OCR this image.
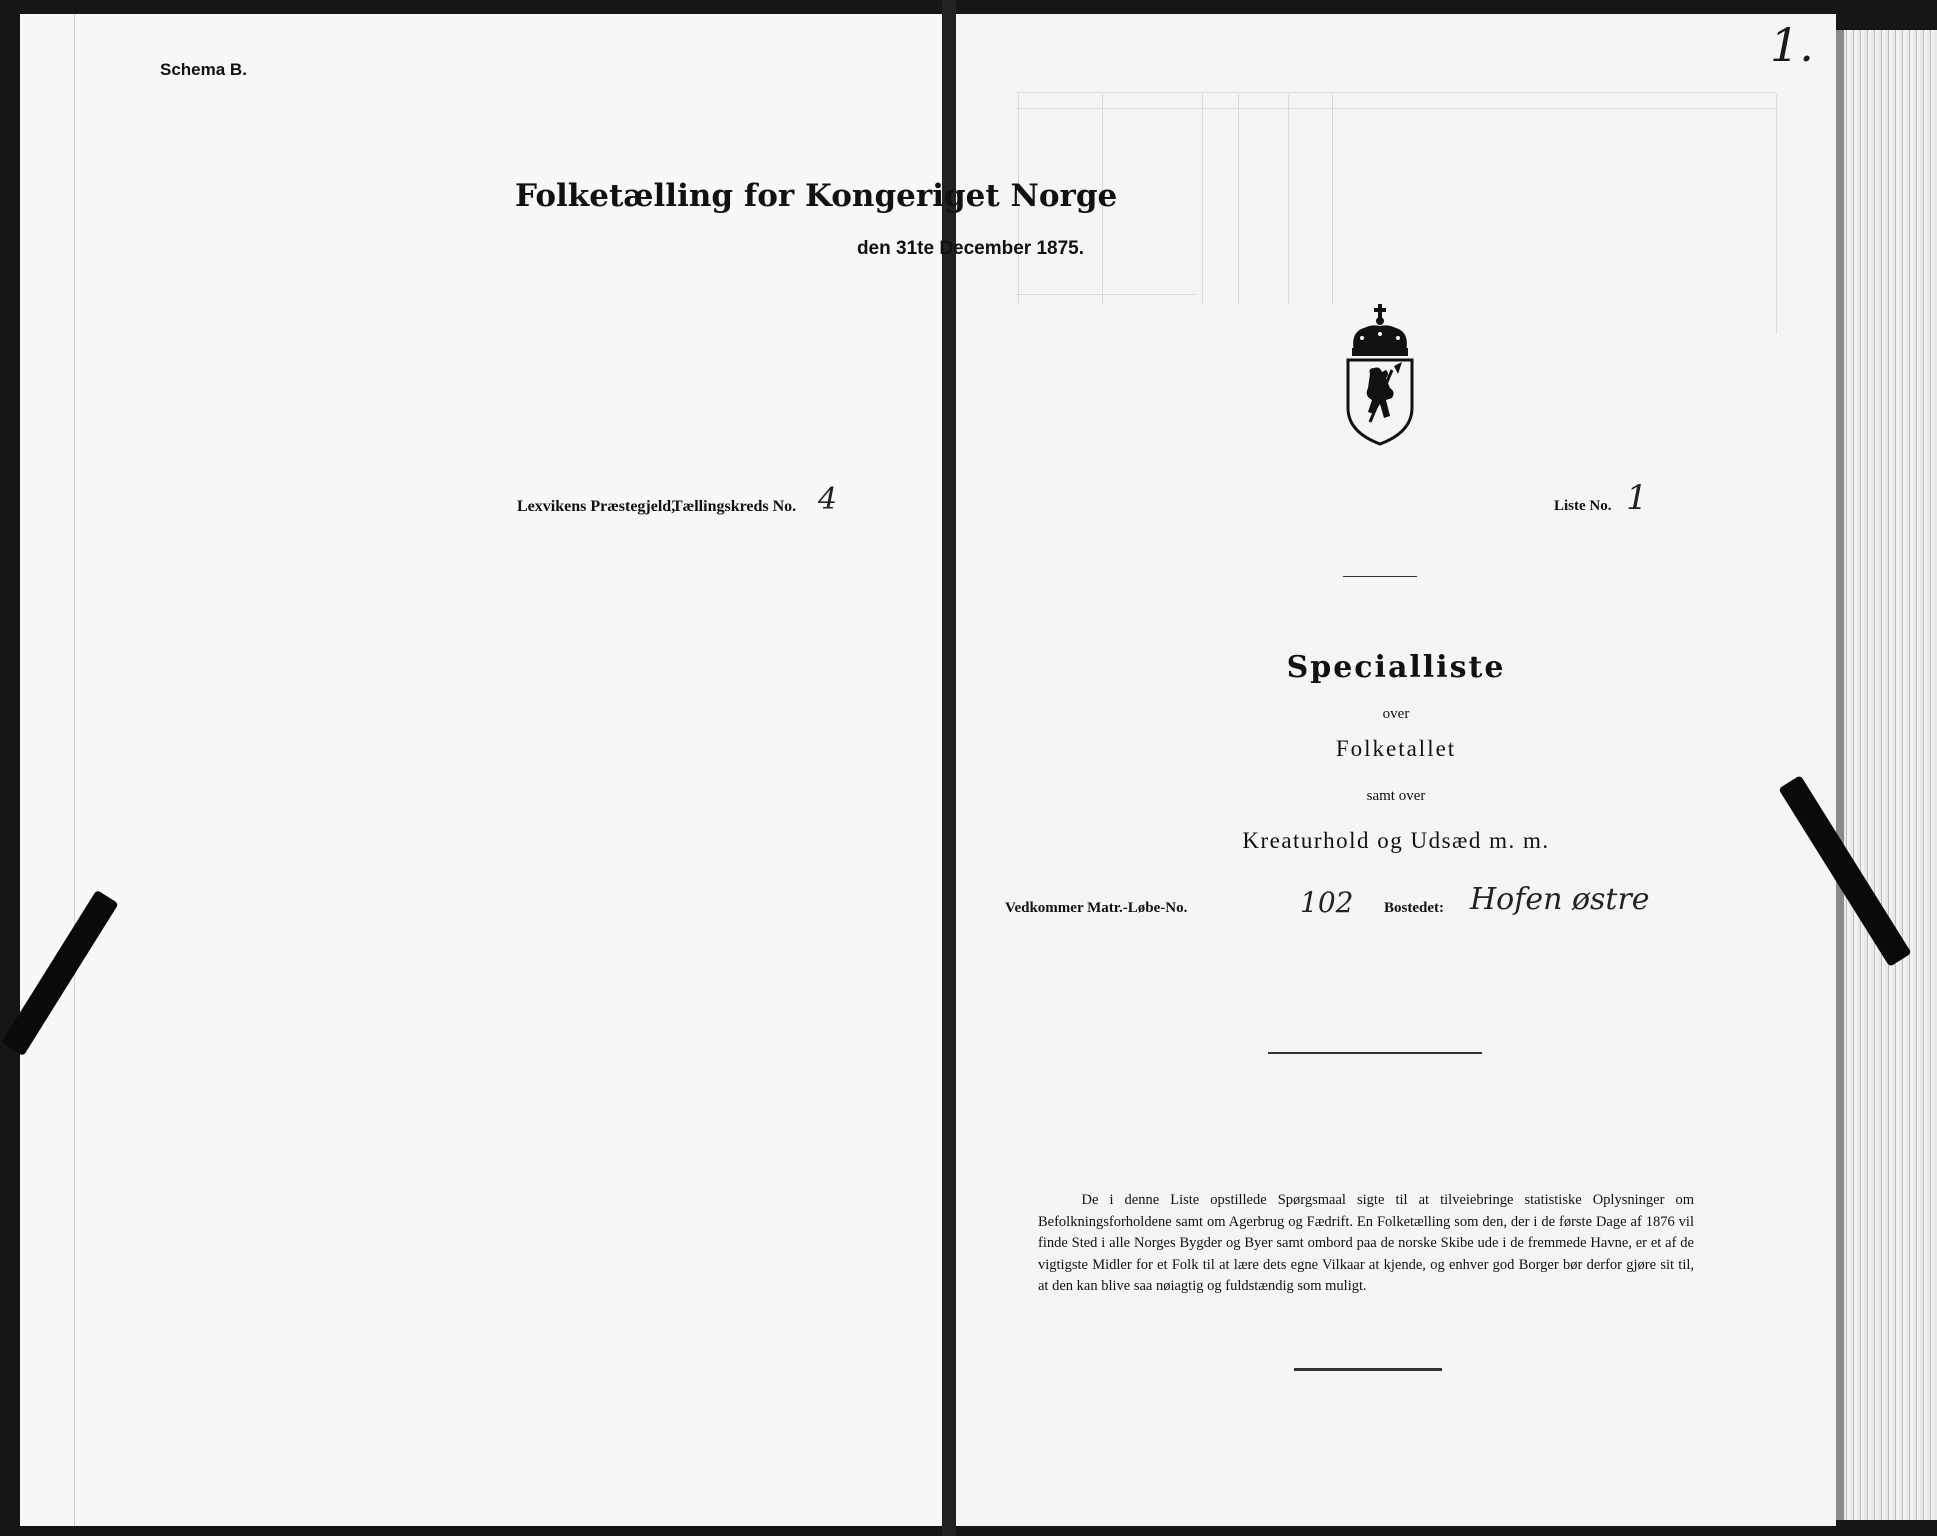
Schema B.	1.
Folketælling for Kongeriget Norge
den 31te December 1875.
Lexvikens Præstegjeld,
Tællingskreds No. 4	Liste No. 1
Specialliste
over
Folketallet
samt over
Kreaturhold og Udsæd m. m.
Vedkommer Matr.-Løbe-No.	102 Bostedet: Hofen østre
De i denne Liste opstillede Spørgsmaal sigte til at tilveiebringe statistiske Oplysninger om Befolkningsforholdene samt om Agerbrug og Fædrift. En Folketælling som den, der i de første Dage af 1876 vil finde Sted i alle Norges Bygder og Byer samt ombord paa de norske Skibe ude i de fremmede Havne, er et af de vigtigste Midler for et Folk til at lære dets egne Vilkaar at kjende, og enhver god Borger bør derfor gjøre sit til, at den kan blive saa nøiagtig og fuldstændig som muligt.
